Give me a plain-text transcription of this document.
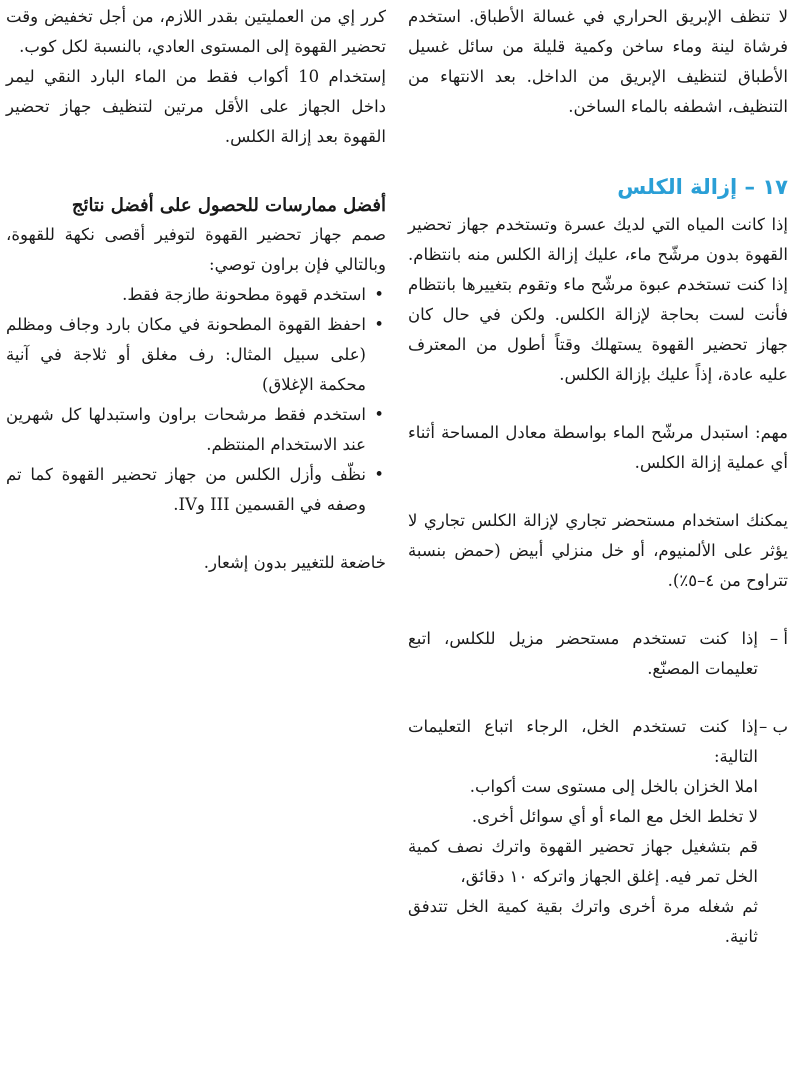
لا تنظف الإبريق الحراري في غسالة الأطباق. استخدم فرشاة لينة وماء ساخن وكمية قليلة من سائل غسيل الأطباق لتنظيف الإبريق من الداخل. بعد الانتهاء من التنظيف، اشطفه بالماء الساخن.

١٧ – إزالة الكلس

إذا كانت المياه التي لديك عسرة وتستخدم جهاز تحضير القهوة بدون مرشّح ماء، عليك إزالة الكلس منه بانتظام. إذا كنت تستخدم عبوة مرشّح ماء وتقوم بتغييرها بانتظام فأنت لست بحاجة لإزالة الكلس. ولكن في حال كان جهاز تحضير القهوة يستهلك وقتاً أطول من المعترف عليه عادة، إذاً عليك بإزالة الكلس.

مهم: استبدل مرشّح الماء بواسطة معادل المساحة أثناء أي عملية إزالة الكلس.

يمكنك استخدام مستحضر تجاري لإزالة الكلس تجاري لا يؤثر على الألمنيوم، أو خل منزلي أبيض (حمض بنسبة تتراوح من ٤–٥٪).

أ –
إذا كنت تستخدم مستحضر مزيل للكلس، اتبع تعليمات المصنّع.
ب –
إذا كنت تستخدم الخل، الرجاء اتباع التعليمات التالية:
املا الخزان بالخل إلى مستوى ست أكواب.
لا تخلط الخل مع الماء أو أي سوائل أخرى.
قم بتشغيل جهاز تحضير القهوة واترك نصف كمية الخل تمر فيه. إغلق الجهاز واتركه ١٠ دقائق،
ثم شغله مرة أخرى واترك بقية كمية الخل تتدفق ثانية.

كرر إي من العمليتين بقدر اللازم، من أجل تخفيض وقت تحضير القهوة إلى المستوى العادي، بالنسبة لكل كوب.

إستخدام 10 أكواب فقط من الماء البارد النقي ليمر داخل الجهاز على الأقل مرتين لتنظيف جهاز تحضير القهوة بعد إزالة الكلس.

أفضل ممارسات للحصول على أفضل نتائج

صمم جهاز تحضير القهوة لتوفير أقصى نكهة للقهوة، وبالتالي فإن براون توصي:

• استخدم قهوة مطحونة طازجة فقط.
• احفظ القهوة المطحونة في مكان بارد وجاف ومظلم (على سبيل المثال: رف مغلق أو ثلاجة في آنية محكمة الإغلاق)
• استخدم فقط مرشحات براون واستبدلها كل شهرين عند الاستخدام المنتظم.
• نظّف وأزل الكلس من جهاز تحضير القهوة كما تم وصفه في القسمين III وIV.

خاضعة للتغيير بدون إشعار.
